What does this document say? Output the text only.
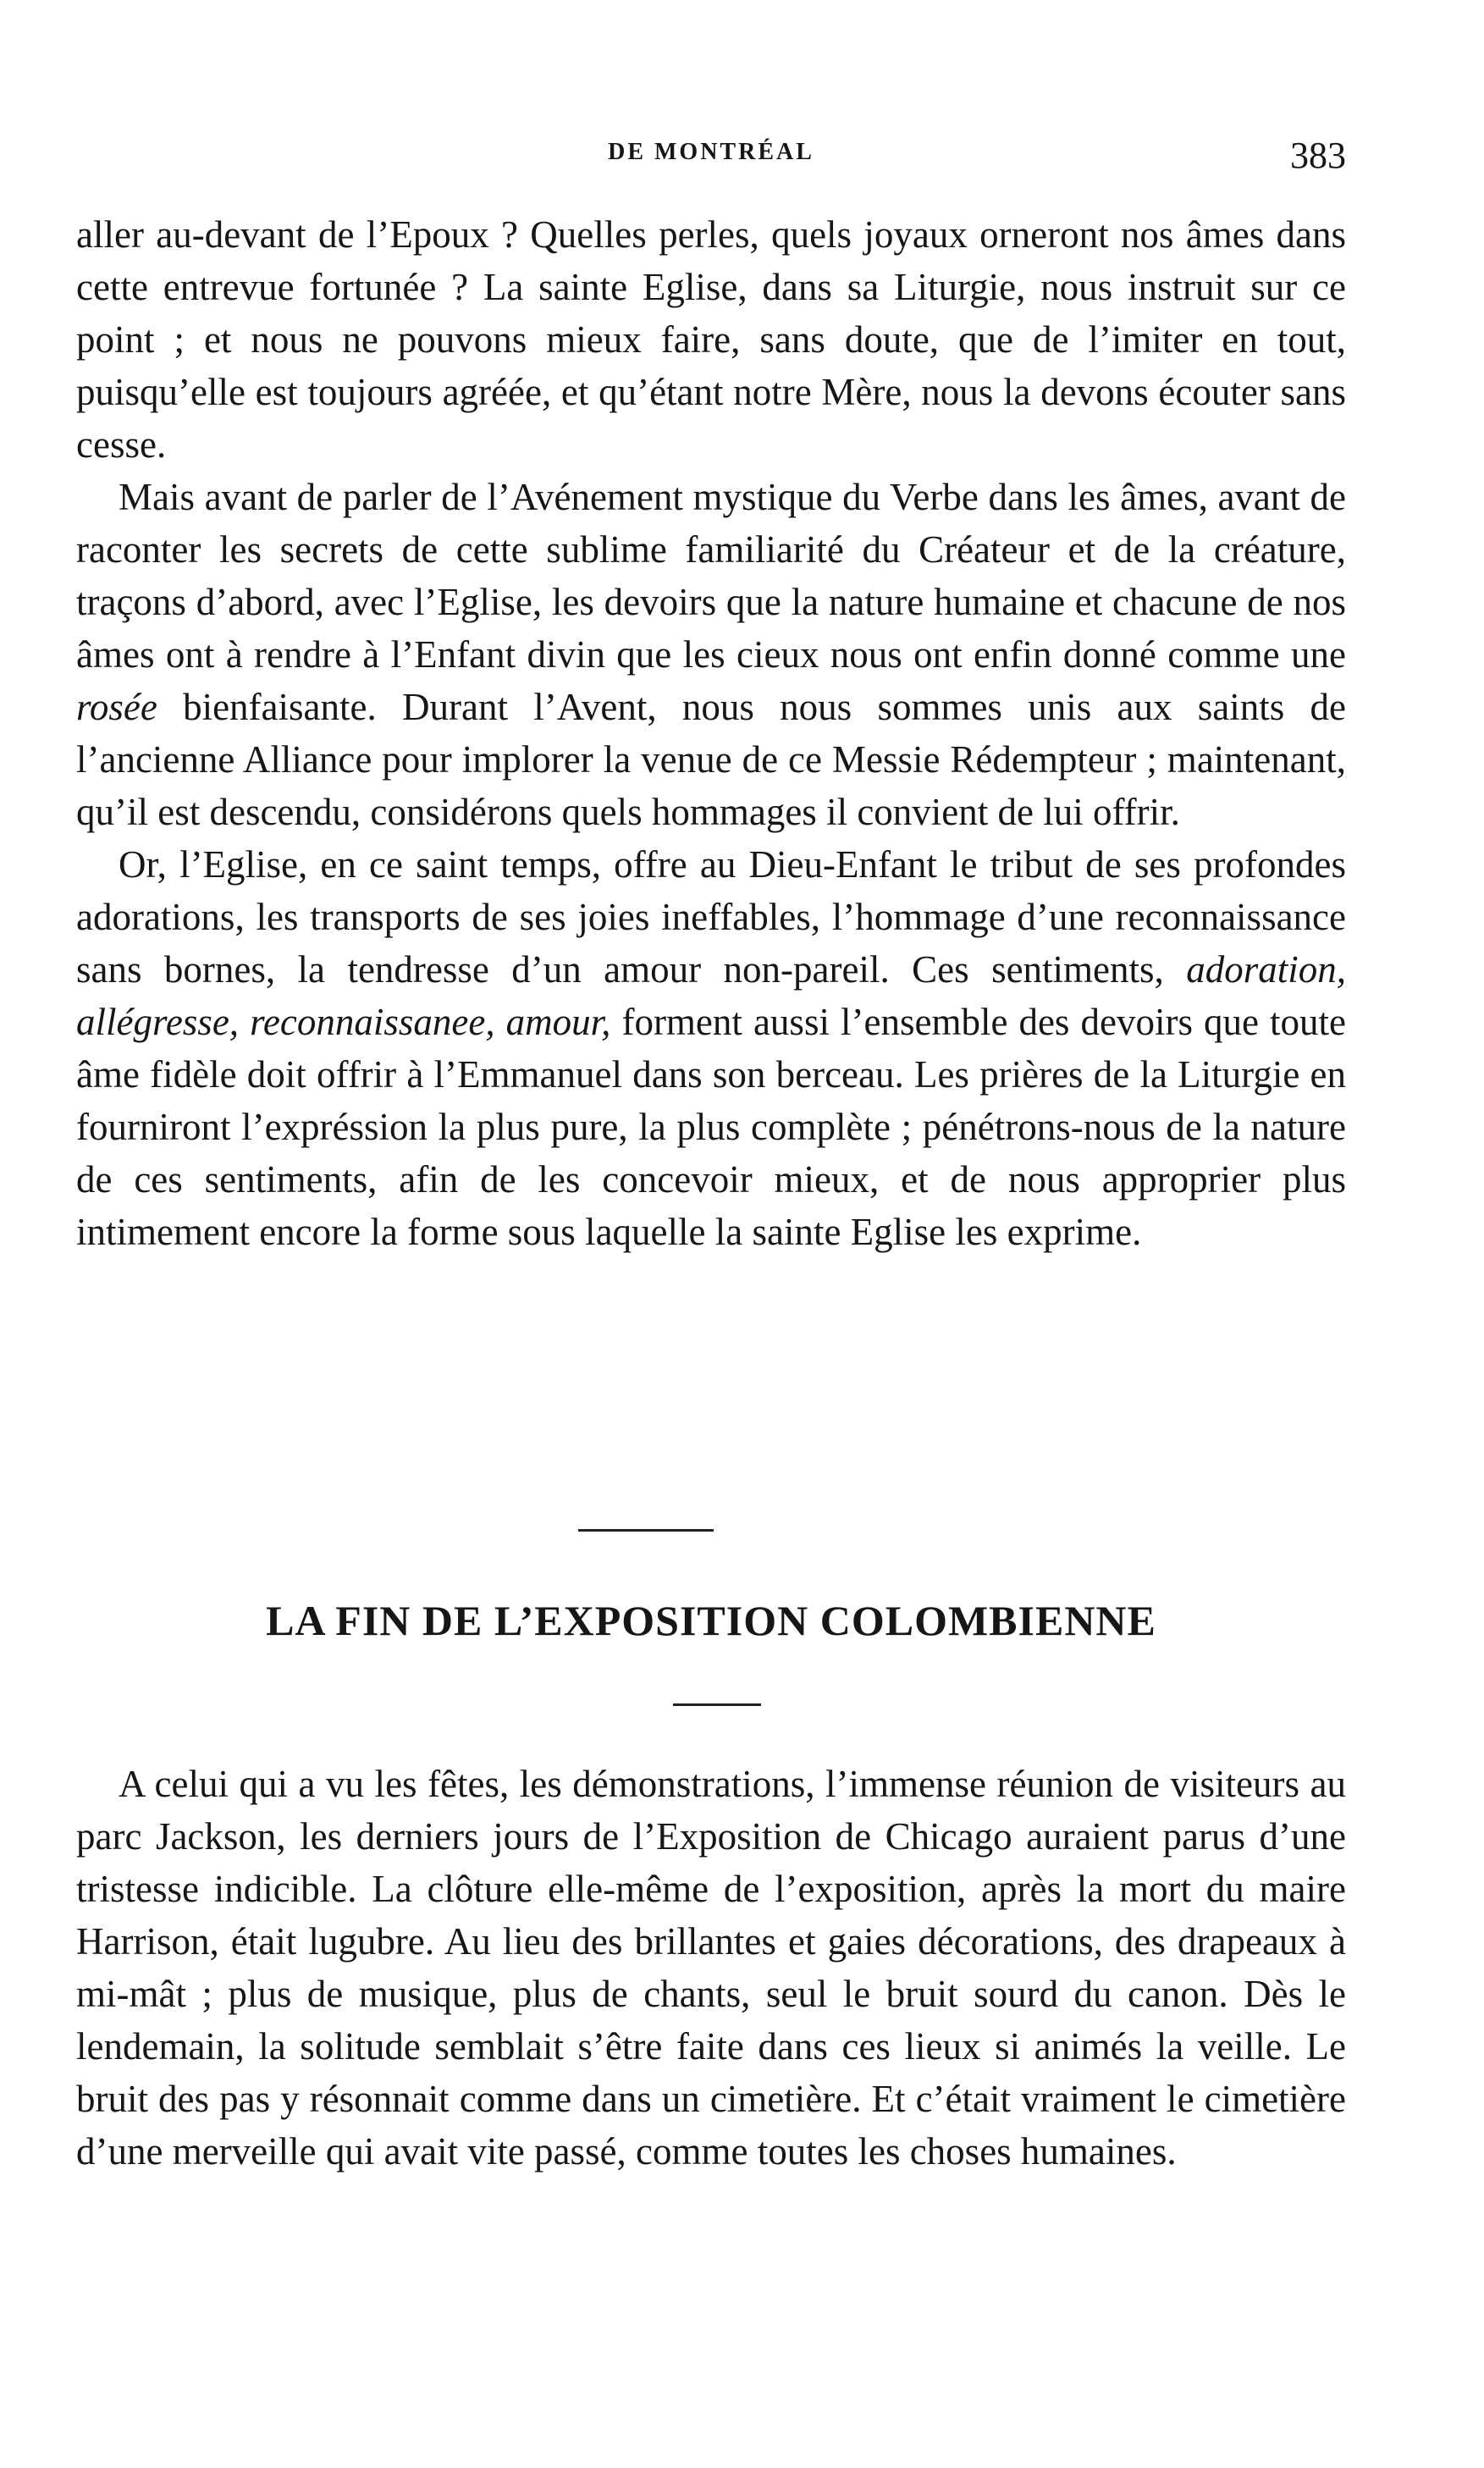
DE MONTRÉAL	383

aller au-devant de l’Epoux ? Quelles perles, quels joyaux orneront nos âmes dans cette entrevue fortunée ? La sainte Eglise, dans sa Liturgie, nous instruit sur ce point ; et nous ne pouvons mieux faire, sans doute, que de l’imiter en tout, puisqu’elle est toujours agréée, et qu’étant notre Mère, nous la devons écouter sans cesse.

Mais avant de parler de l’Avénement mystique du Verbe dans les âmes, avant de raconter les secrets de cette sublime familiarité du Créateur et de la créature, traçons d’abord, avec l’Eglise, les devoirs que la nature humaine et chacune de nos âmes ont à rendre à l’Enfant divin que les cieux nous ont enfin donné comme une rosée bienfaisante. Durant l’Avent, nous nous sommes unis aux saints de l’ancienne Alliance pour implorer la venue de ce Messie Rédempteur ; maintenant, qu’il est descendu, considérons quels hommages il convient de lui offrir.

Or, l’Eglise, en ce saint temps, offre au Dieu-Enfant le tribut de ses profondes adorations, les transports de ses joies ineffables, l’hommage d’une reconnaissance sans bornes, la tendresse d’un amour non-pareil. Ces sentiments, adoration, allégresse, reconnaissanee, amour, forment aussi l’ensemble des devoirs que toute âme fidèle doit offrir à l’Emmanuel dans son berceau. Les prières de la Liturgie en fourniront l’expréssion la plus pure, la plus complète ; pénétrons-nous de la nature de ces sentiments, afin de les concevoir mieux, et de nous approprier plus intimement encore la forme sous laquelle la sainte Eglise les exprime.

LA FIN DE L’EXPOSITION COLOMBIENNE

A celui qui a vu les fêtes, les démonstrations, l’immense réunion de visiteurs au parc Jackson, les derniers jours de l’Exposition de Chicago auraient parus d’une tristesse indicible. La clôture elle-même de l’exposition, après la mort du maire Harrison, était lugubre. Au lieu des brillantes et gaies décorations, des drapeaux à mi-mât ; plus de musique, plus de chants, seul le bruit sourd du canon. Dès le lendemain, la solitude semblait s’être faite dans ces lieux si animés la veille. Le bruit des pas y résonnait comme dans un cimetière. Et c’était vraiment le cimetière d’une merveille qui avait vite passé, comme toutes les choses humaines.
